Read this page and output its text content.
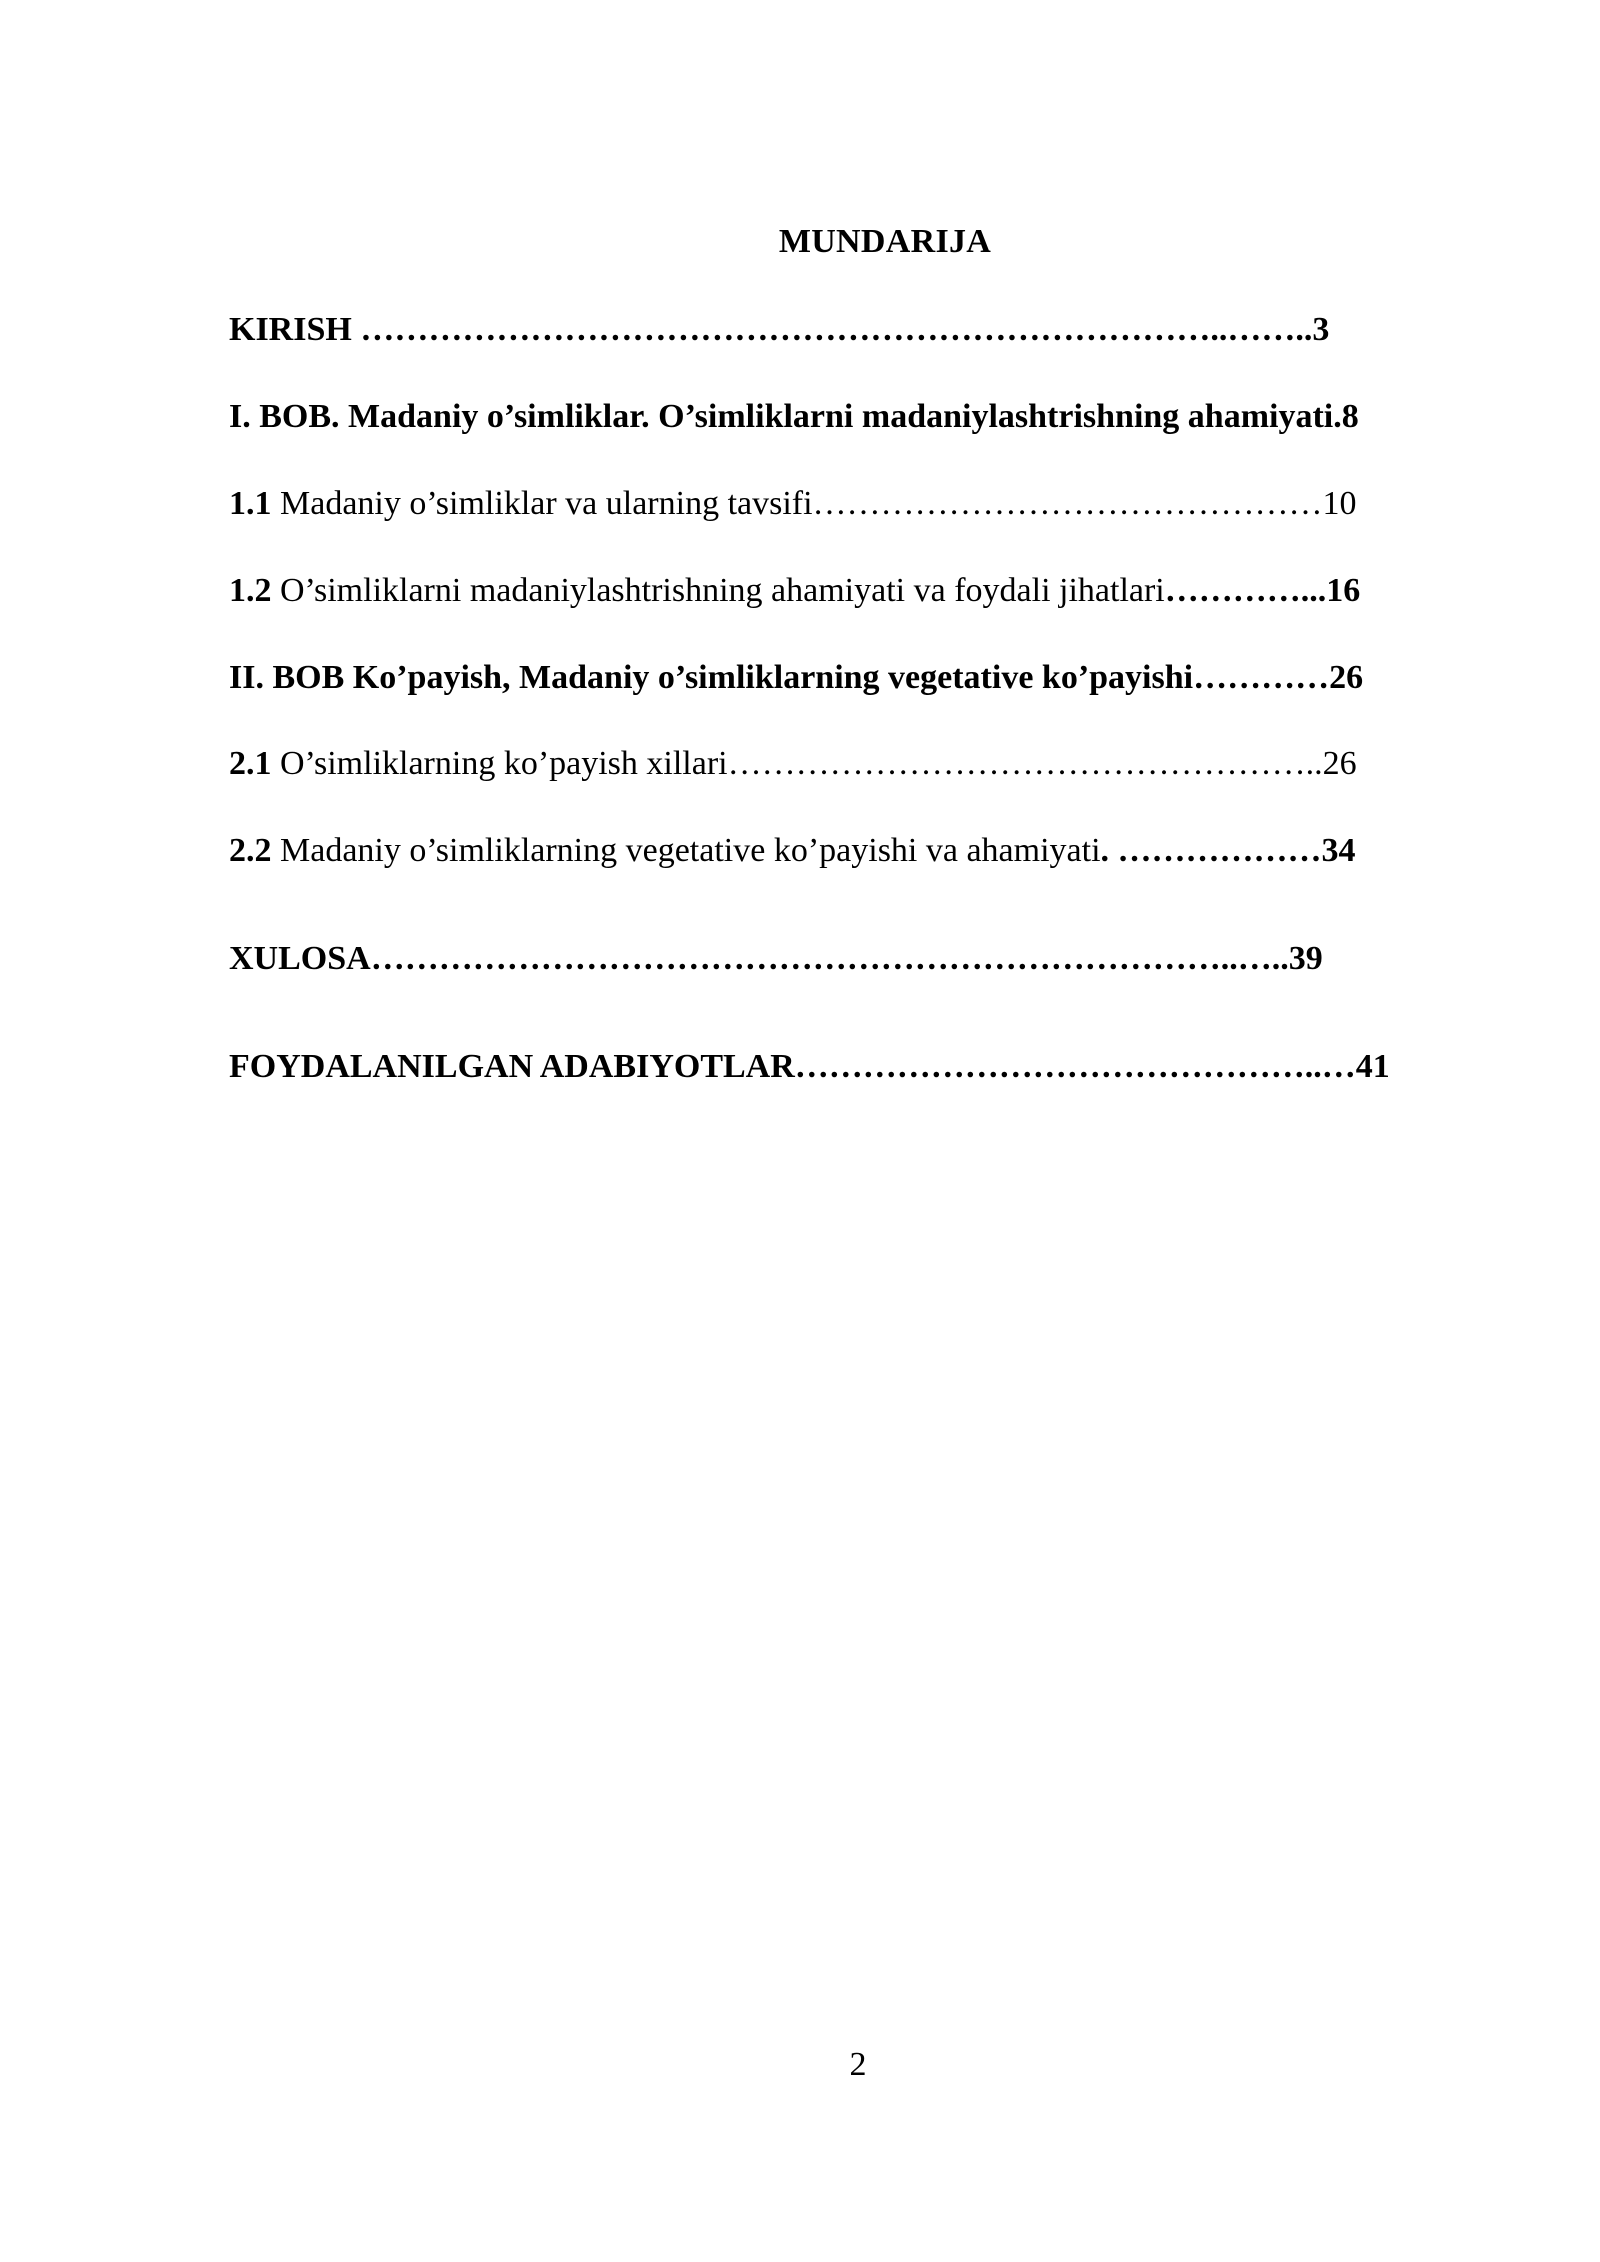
MUNDARIJA
KIRISH …………………………………………………………………..……..3
I. BOB. Madaniy o’simliklar. O’simliklarni madaniylashtrishning ahamiyati.8
1.1 Madaniy o’simliklar va ularning tavsifi………………………………………10
1.2 O’simliklarni madaniylashtrishning ahamiyati va foydali jihatlari…………...16
II. BOB Ko’payish, Madaniy o’simliklarning vegetative ko’payishi…………26
2.1 O’simliklarning ko’payish xillari……………………………………………..26
2.2 Madaniy o’simliklarning vegetative ko’payishi va ahamiyati. ………………34
XULOSA…………………………………………………………………..…..39
FOYDALANILGAN ADABIYOTLAR………………………………………..…41
2
